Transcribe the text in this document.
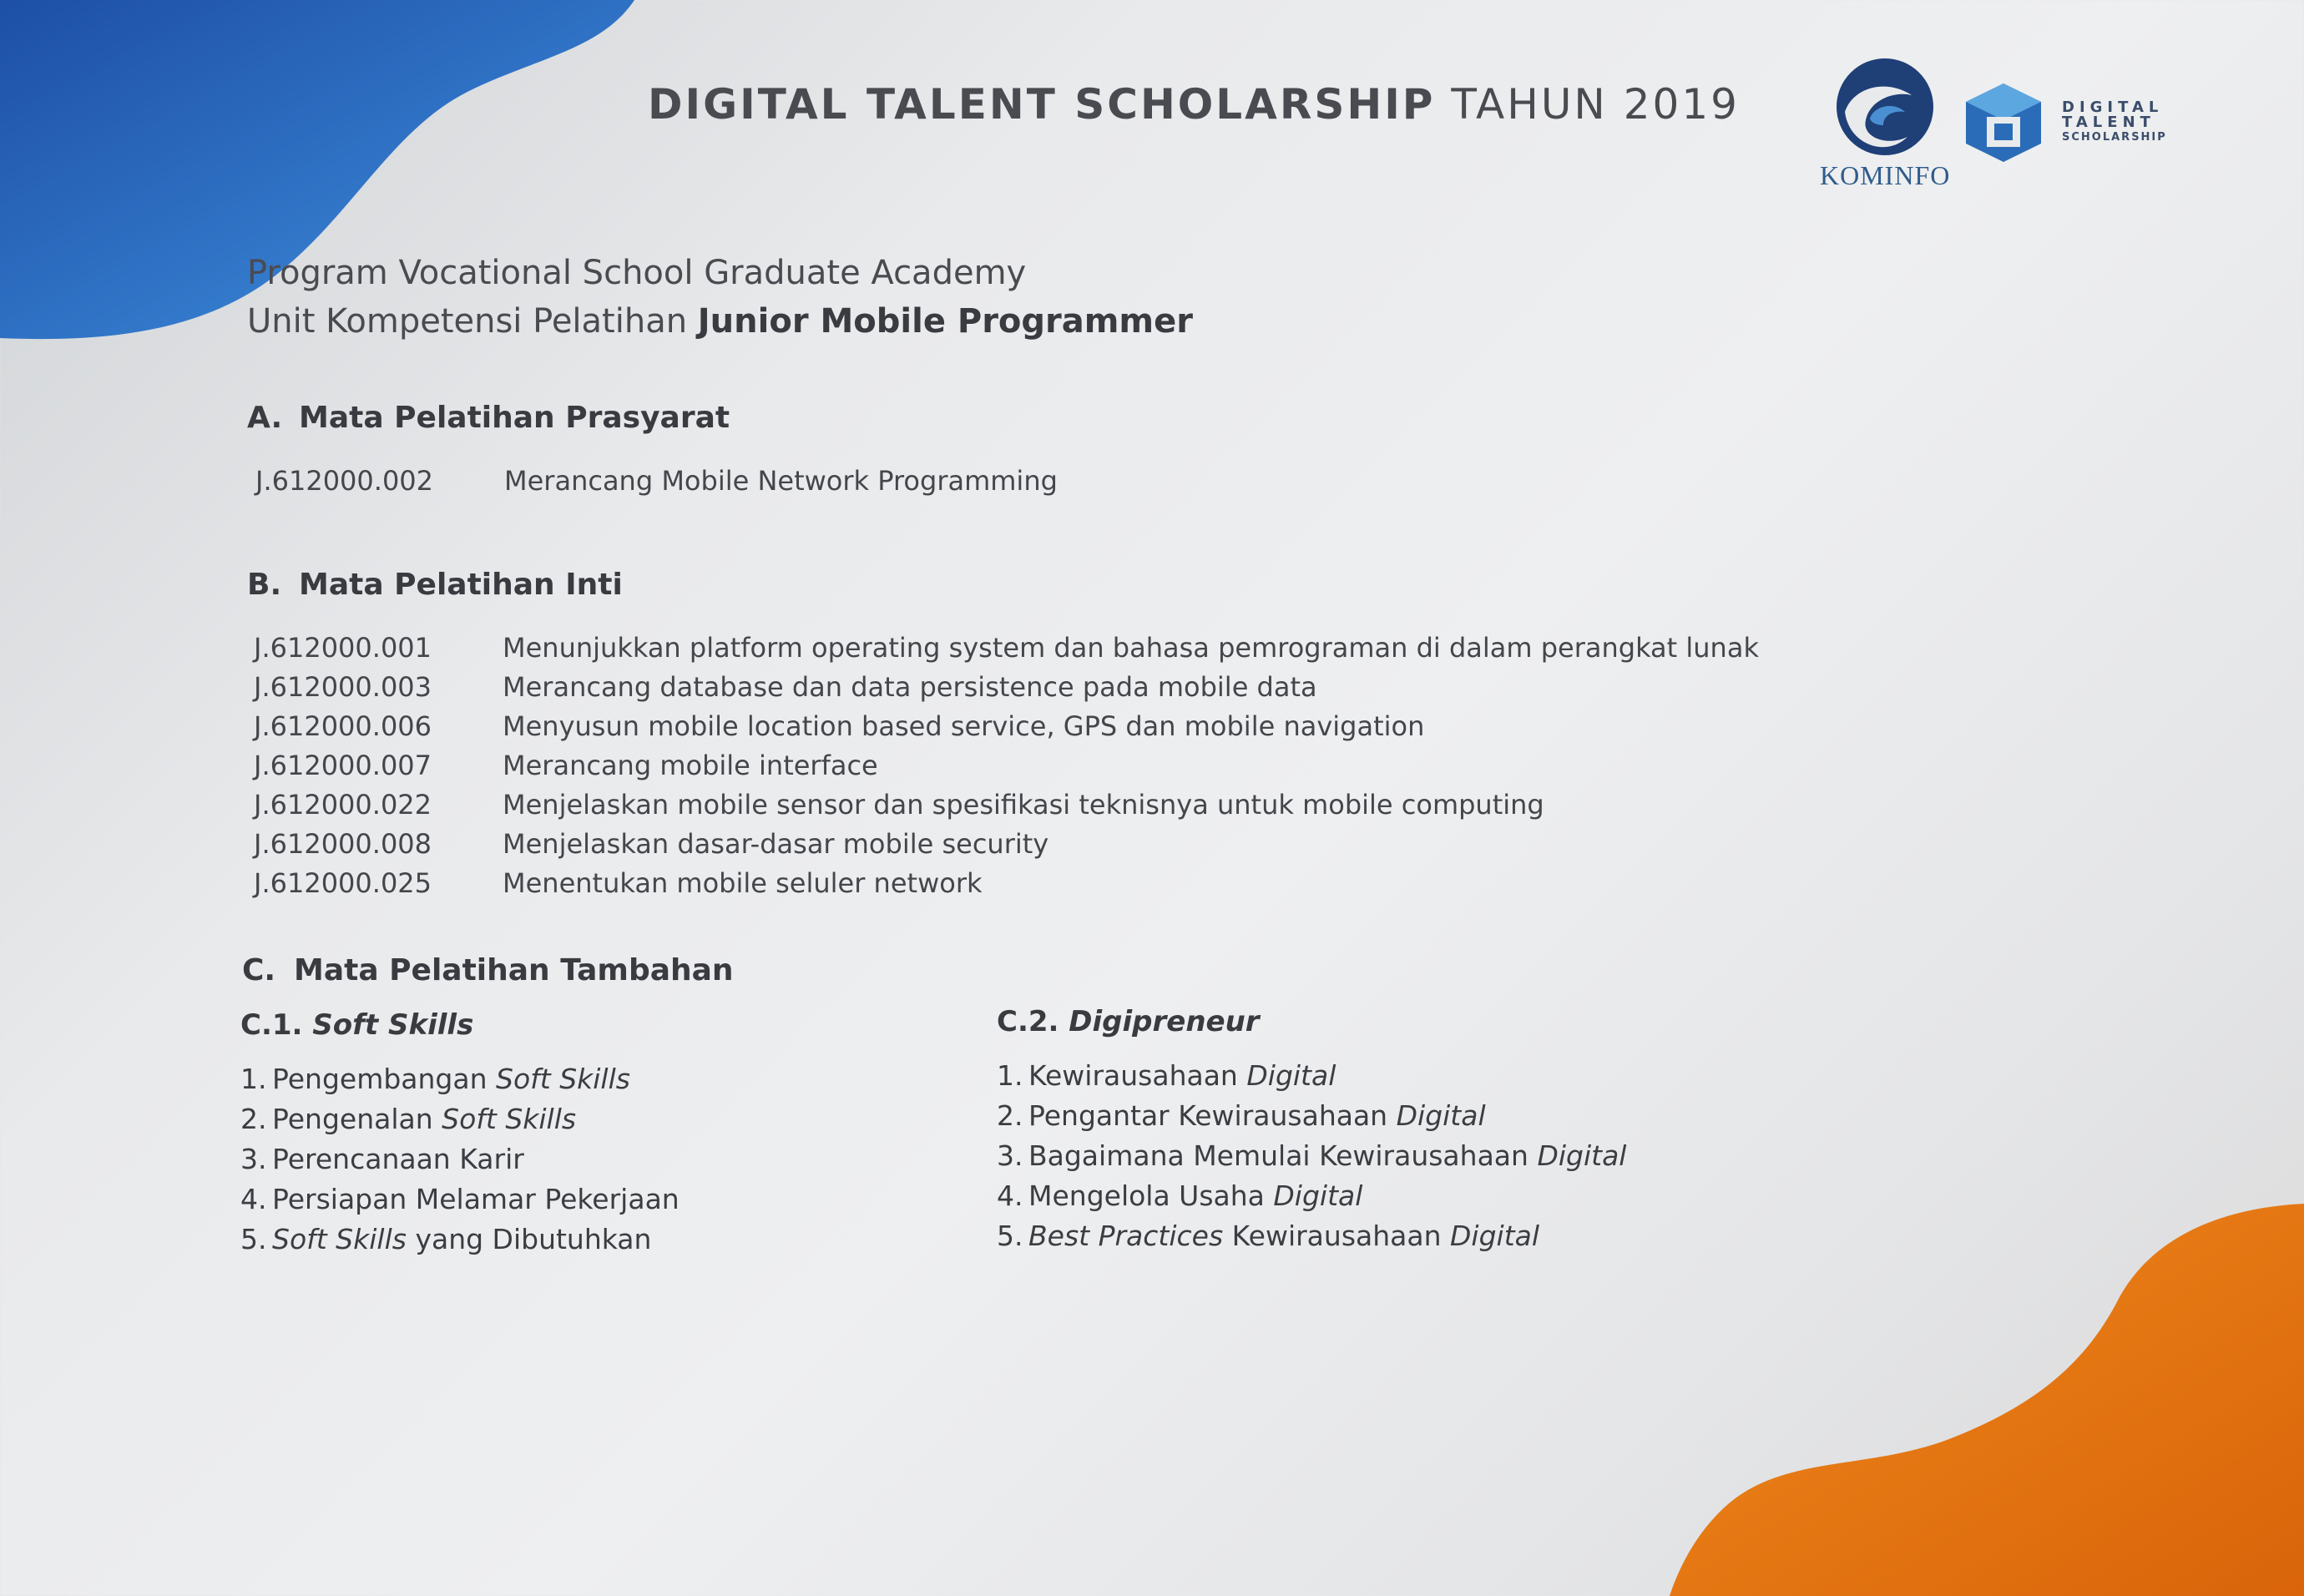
DIGITAL TALENT SCHOLARSHIP TAHUN 2019
KOMINFO
DIGITAL
TALENT
SCHOLARSHIP
Program Vocational School Graduate Academy
Unit Kompetensi Pelatihan Junior Mobile Programmer
A. Mata Pelatihan Prasyarat
J.612000.002	Merancang Mobile Network Programming
B. Mata Pelatihan Inti
J.612000.001	Menunjukkan platform operating system dan bahasa pemrograman di dalam perangkat lunak
J.612000.003	Merancang database dan data persistence pada mobile data
J.612000.006	Menyusun mobile location based service, GPS dan mobile navigation
J.612000.007	Merancang mobile interface
J.612000.022	Menjelaskan mobile sensor dan spesifikasi teknisnya untuk mobile computing
J.612000.008	Menjelaskan dasar-dasar mobile security
J.612000.025	Menentukan mobile seluler network
C. Mata Pelatihan Tambahan
C.1. Soft Skills	C.2. Digipreneur
1. Pengembangan
Soft Skills
2. Pengenalan
Soft Skills
3. Perencanaan Karir
4. Persiapan Melamar Pekerjaan
5. Soft Skills
yang Dibutuhkan
1. Kewirausahaan
Digital
2. Pengantar Kewirausahaan
Digital
3. Bagaimana Memulai Kewirausahaan
Digital
4. Mengelola Usaha
Digital
5. Best Practices
Kewirausahaan
Digital
